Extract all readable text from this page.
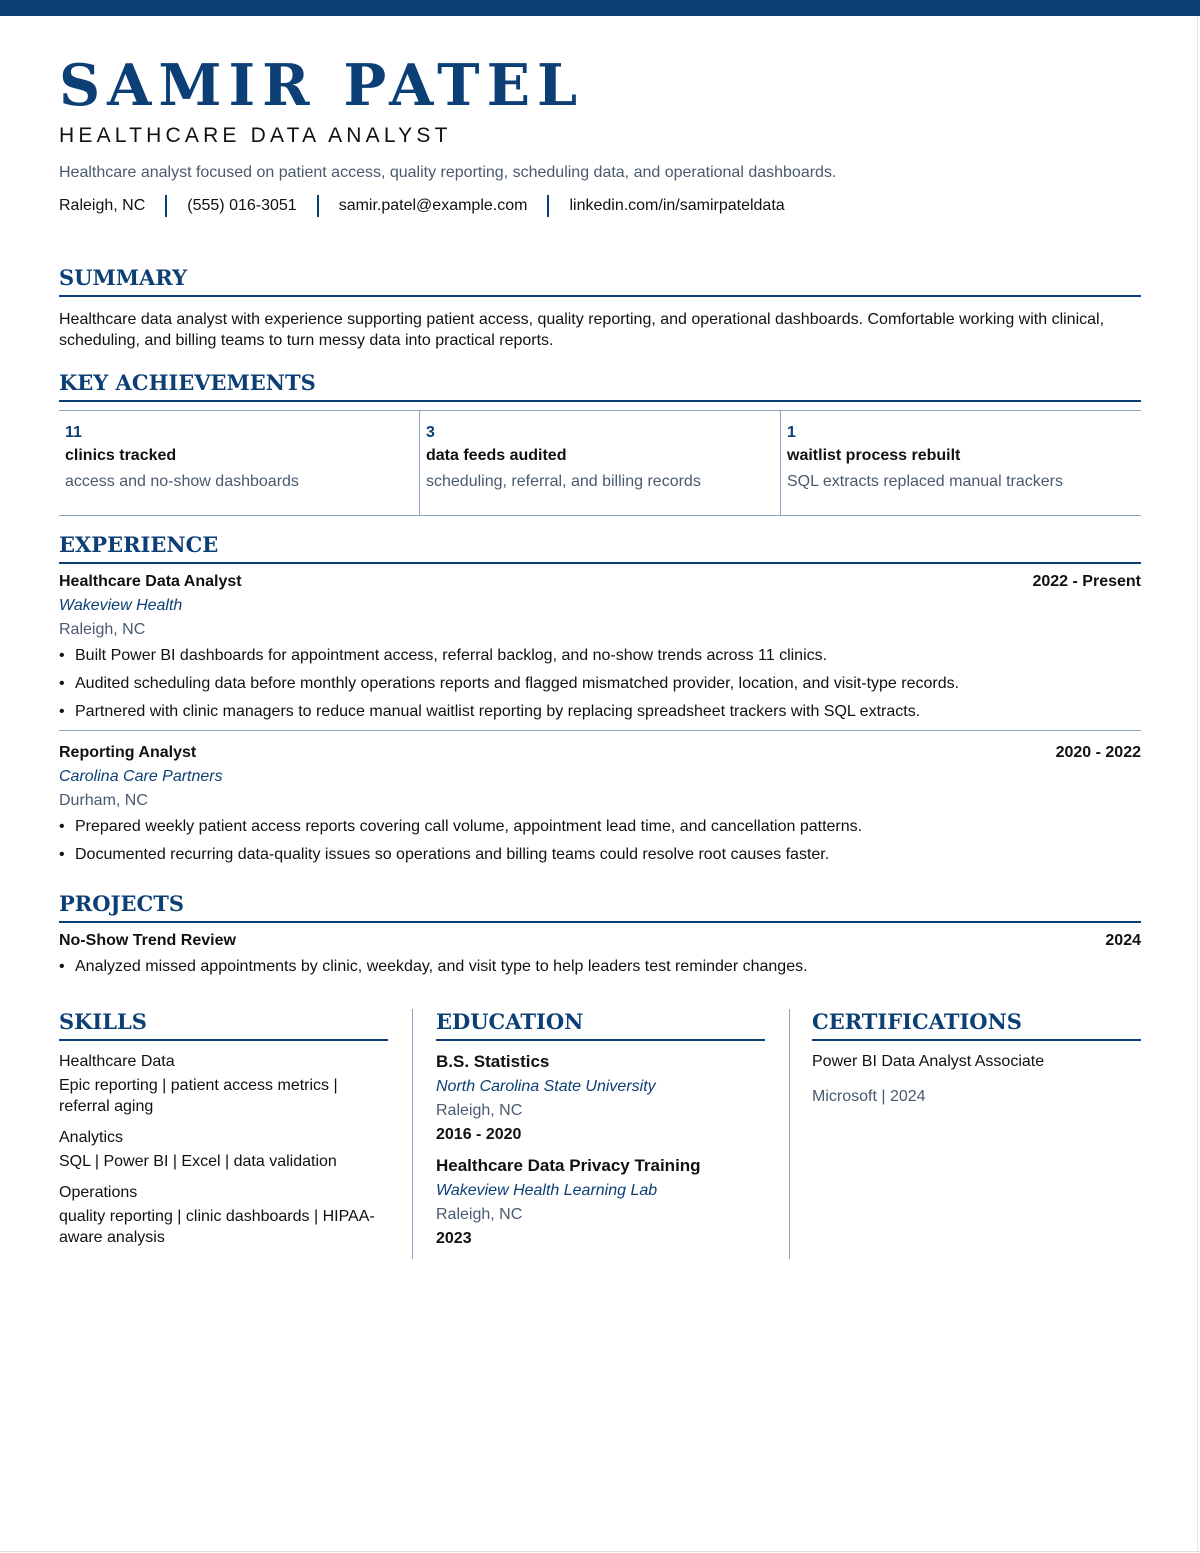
SAMIR PATEL
HEALTHCARE DATA ANALYST
Healthcare analyst focused on patient access, quality reporting, scheduling data, and operational dashboards.
Raleigh, NC	(555) 016-3051	samir.patel@example.com	linkedin.com/in/samirpateldata
SUMMARY
Healthcare data analyst with experience supporting patient access, quality reporting, and operational dashboards. Comfortable working with clinical, scheduling, and billing teams to turn messy data into practical reports.
KEY ACHIEVEMENTS
11
clinics tracked
access and no-show dashboards
3
data feeds audited
scheduling, referral, and billing records
1
waitlist process rebuilt
SQL extracts replaced manual trackers
EXPERIENCE
Healthcare Data Analyst	2022 - Present
Wakeview Health
Raleigh, NC
• Built Power BI dashboards for appointment access, referral backlog, and no-show trends across 11 clinics.
• Audited scheduling data before monthly operations reports and flagged mismatched provider, location, and visit-type records.
• Partnered with clinic managers to reduce manual waitlist reporting by replacing spreadsheet trackers with SQL extracts.
Reporting Analyst	2020 - 2022
Carolina Care Partners
Durham, NC
• Prepared weekly patient access reports covering call volume, appointment lead time, and cancellation patterns.
• Documented recurring data-quality issues so operations and billing teams could resolve root causes faster.
PROJECTS
No-Show Trend Review	2024
• Analyzed missed appointments by clinic, weekday, and visit type to help leaders test reminder changes.
SKILLS
Healthcare Data
Epic reporting | patient access metrics | referral aging
Analytics
SQL | Power BI | Excel | data validation
Operations
quality reporting | clinic dashboards | HIPAA-aware analysis
EDUCATION
B.S. Statistics
North Carolina State University
Raleigh, NC
2016 - 2020
Healthcare Data Privacy Training
Wakeview Health Learning Lab
Raleigh, NC
2023
CERTIFICATIONS
Power BI Data Analyst Associate
Microsoft | 2024
